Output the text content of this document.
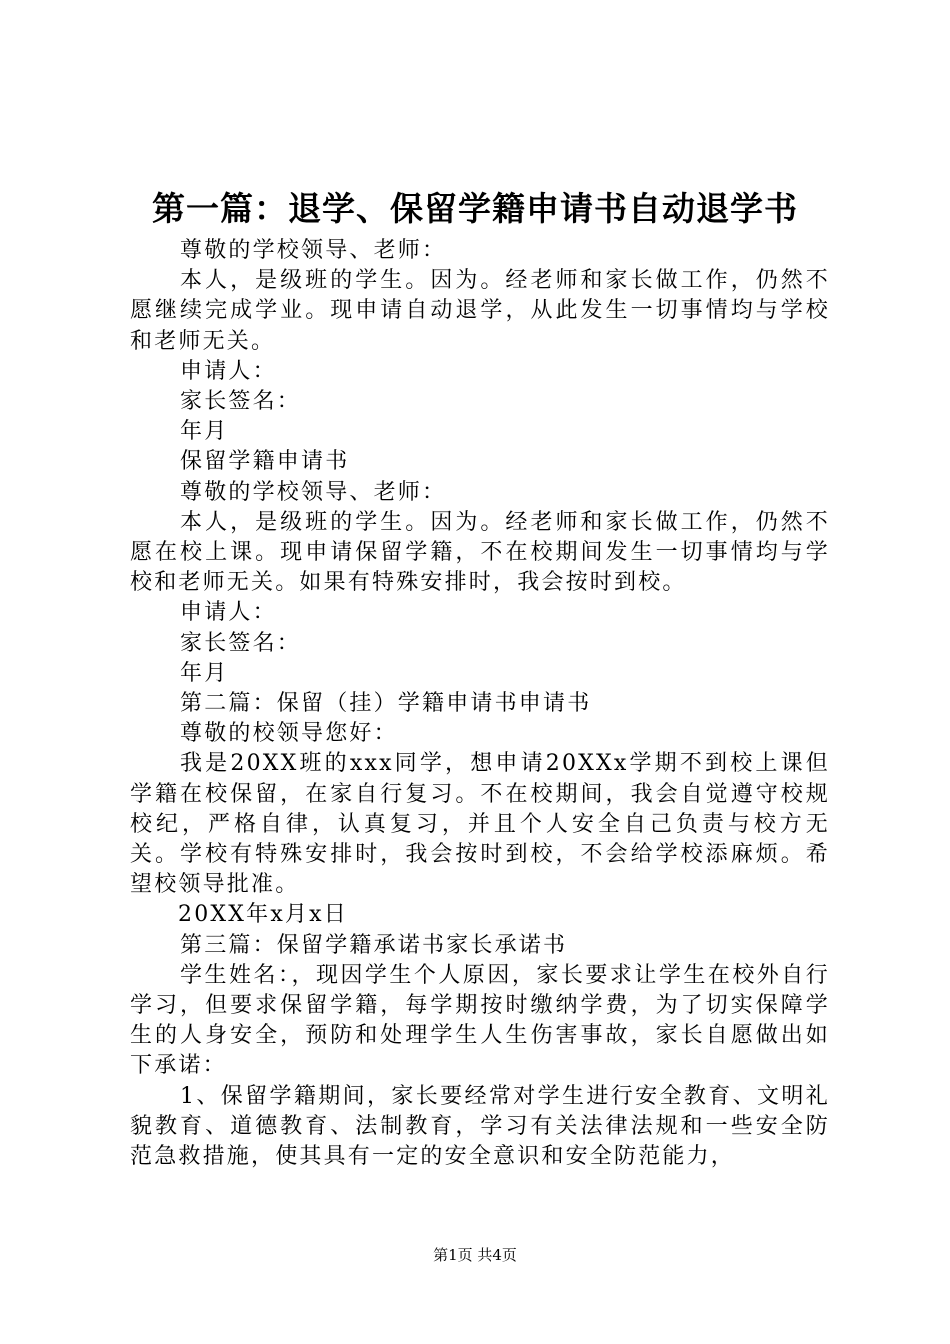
第一篇：退学、保留学籍申请书自动退学书

尊敬的学校领导、老师：

本人，是级班的学生。因为。经老师和家长做工作，仍然不愿继续完成学业。现申请自动退学，从此发生一切事情均与学校和老师无关。

申请人：

家长签名：

年月

保留学籍申请书

尊敬的学校领导、老师：

本人，是级班的学生。因为。经老师和家长做工作，仍然不愿在校上课。现申请保留学籍，不在校期间发生一切事情均与学校和老师无关。如果有特殊安排时，我会按时到校。

申请人：

家长签名：

年月

第二篇：保留（挂）学籍申请书申请书

尊敬的校领导您好：

我是20XX班的xxx同学，想申请20XXx学期不到校上课但学籍在校保留，在家自行复习。不在校期间，我会自觉遵守校规校纪，严格自律，认真复习，并且个人安全自己负责与校方无关。学校有特殊安排时，我会按时到校，不会给学校添麻烦。希望校领导批准。

20XX年x月x日

第三篇：保留学籍承诺书家长承诺书

学生姓名：，现因学生个人原因，家长要求让学生在校外自行学习，但要求保留学籍，每学期按时缴纳学费，为了切实保障学生的人身安全，预防和处理学生人生伤害事故，家长自愿做出如下承诺：

1、保留学籍期间，家长要经常对学生进行安全教育、文明礼貌教育、道德教育、法制教育，学习有关法律法规和一些安全防范急救措施，使其具有一定的安全意识和安全防范能力，

第1页 共4页
